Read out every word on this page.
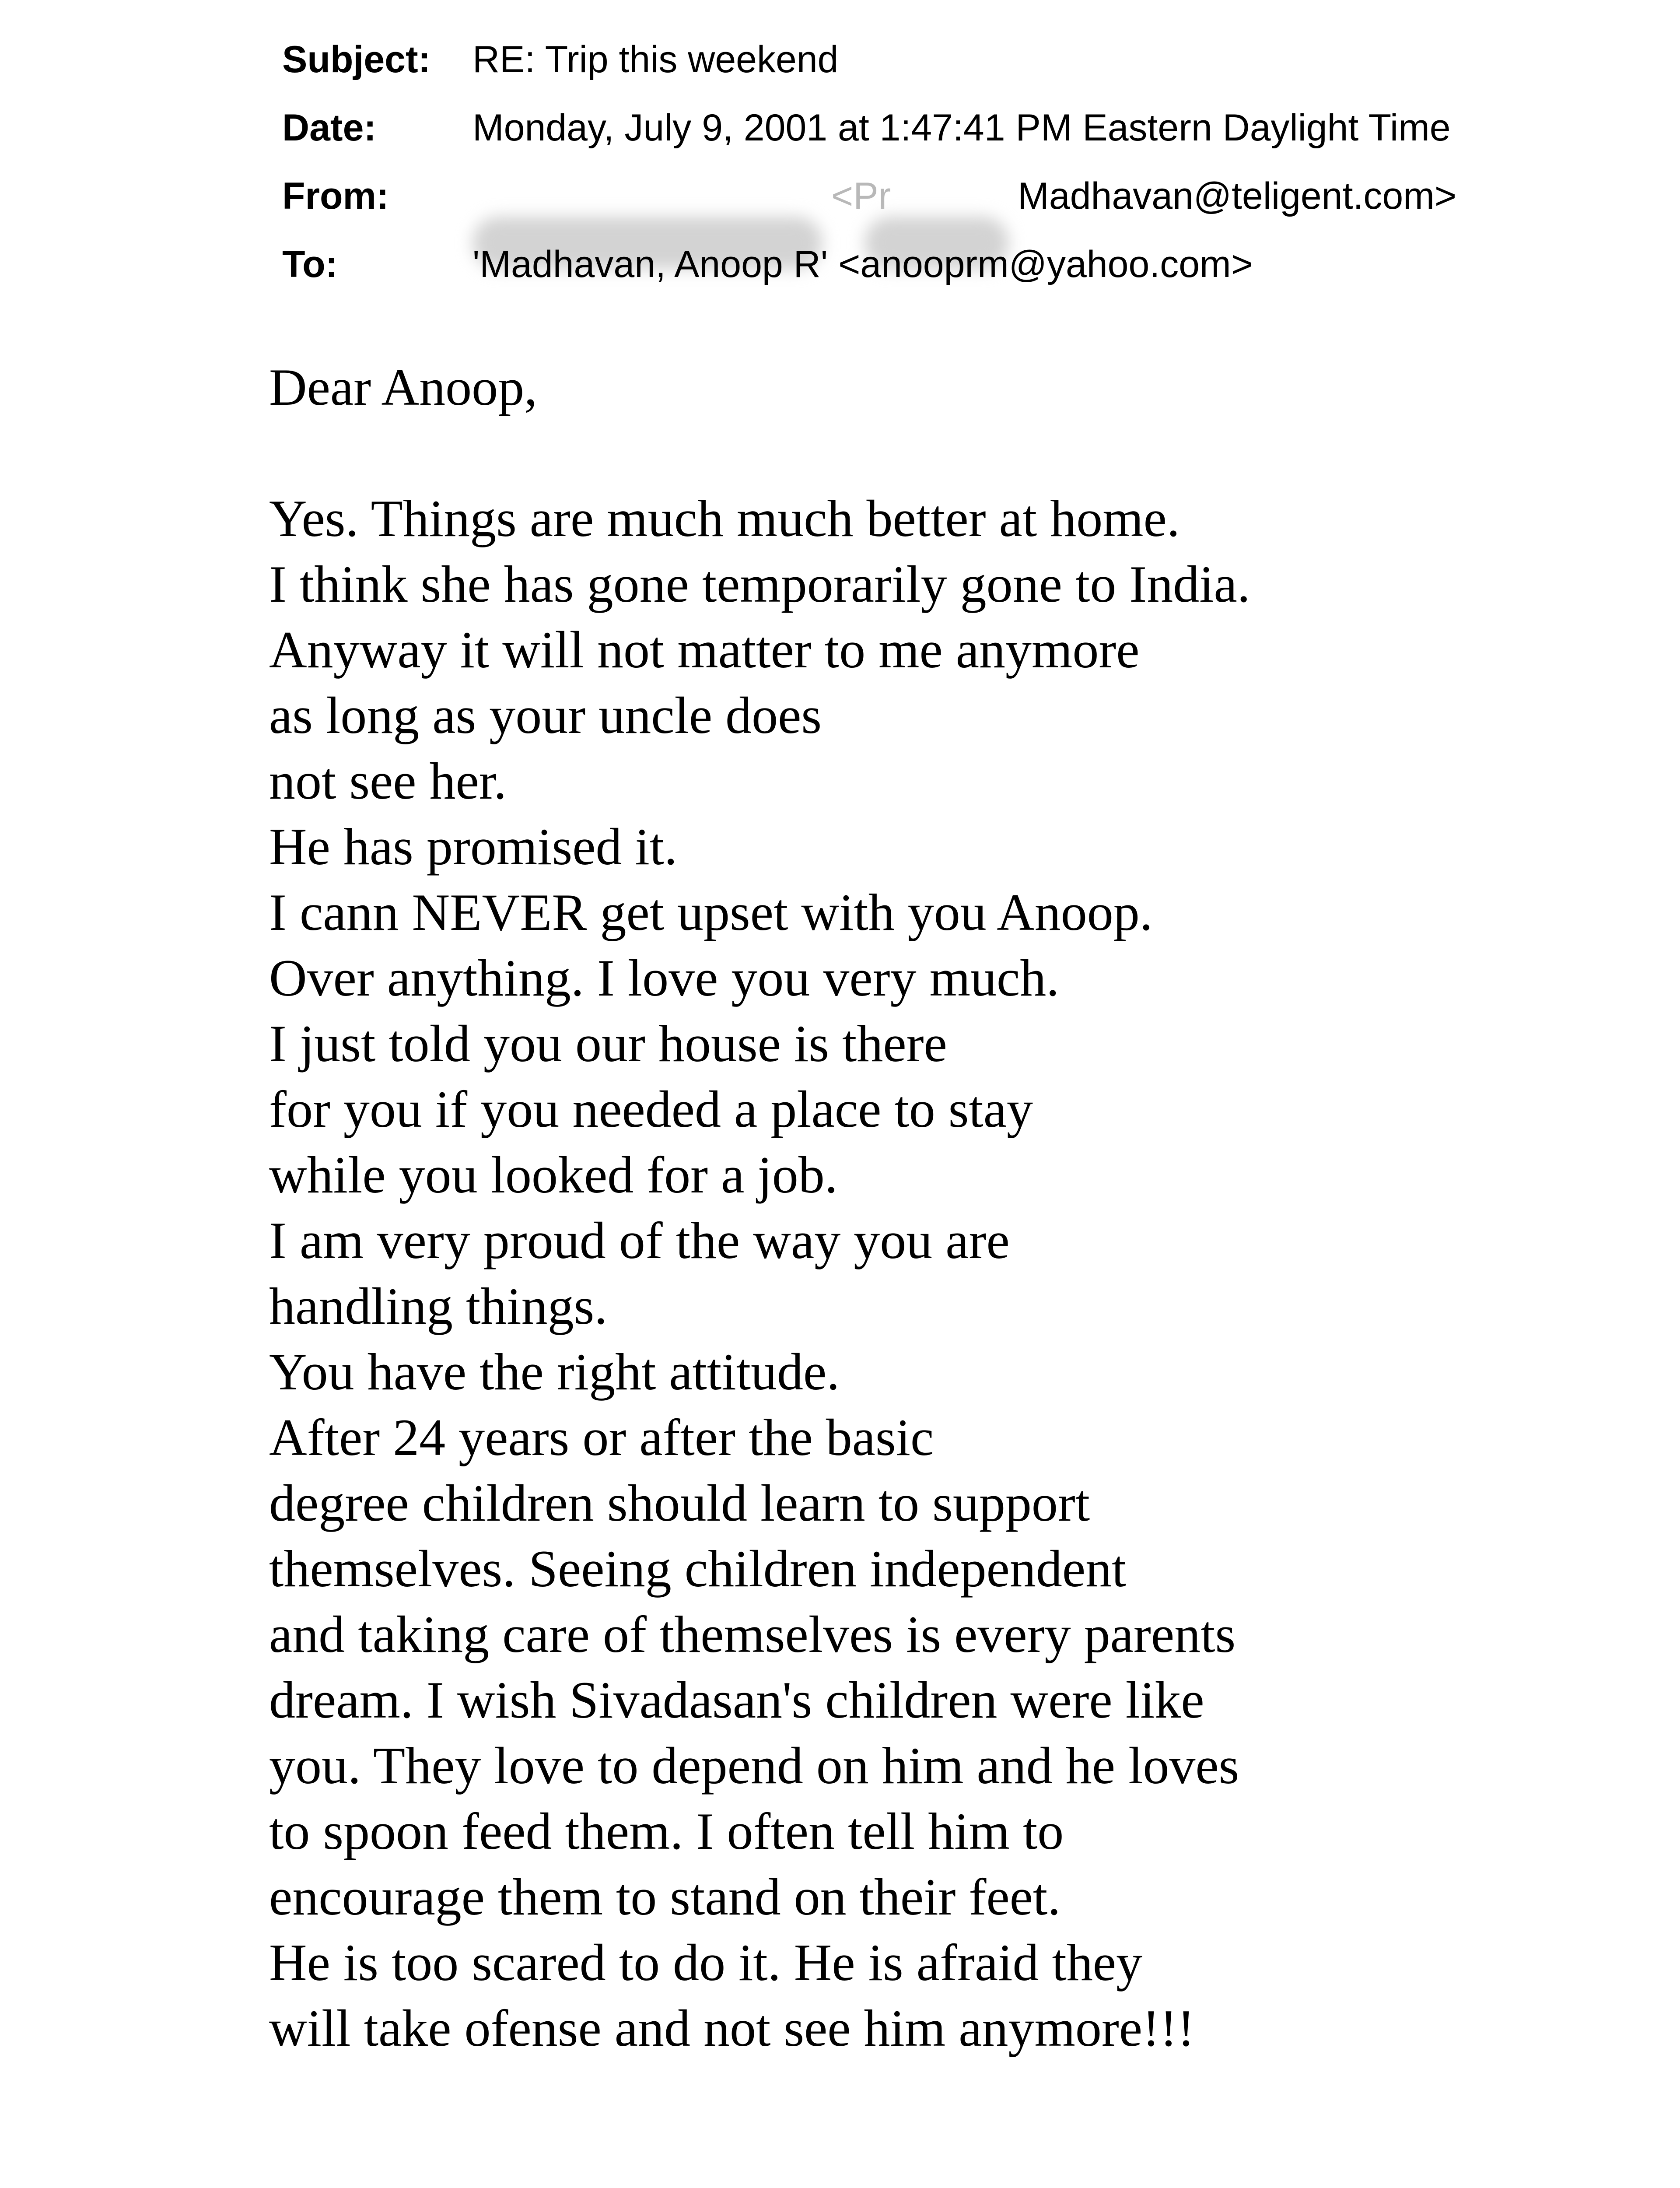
Subject:	RE: Trip this weekend
Date:	Monday, July 9, 2001 at 1:47:41 PM Eastern Daylight Time
From:	<Pr	Madhavan@teligent.com>
To:	'Madhavan, Anoop R' <anooprm@yahoo.com>
Dear Anoop,
Yes. Things are much much better at home.
I think she has gone temporarily gone to India.
Anyway it will not matter to me anymore
as long as your uncle does
not see her.
He has promised it.
I cann NEVER get upset with you Anoop.
Over anything. I love you very much.
I just told you our house is there
for you if you needed a place to stay
while you looked for a job.
I am very proud of the way you are
handling things.
You have the right attitude.
After 24 years or after the basic
degree children should learn to support
themselves. Seeing children independent
and taking care of themselves is every parents
dream. I wish Sivadasan's children were like
you. They love to depend on him and he loves
to spoon feed them. I often tell him to
encourage them to stand on their feet.
He is too scared to do it. He is afraid they
will take ofense and not see him anymore!!!
